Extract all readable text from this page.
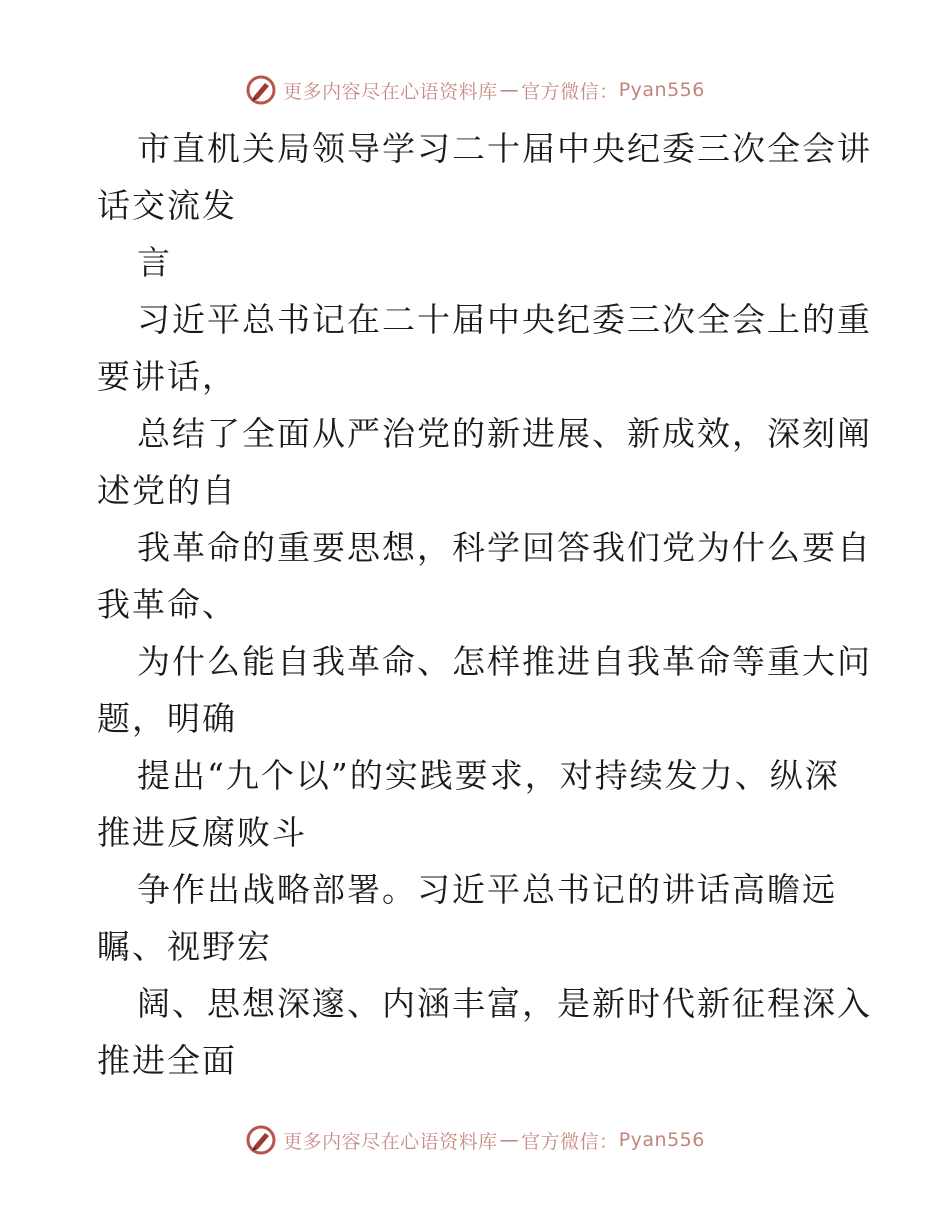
更多内容尽在心语资料库 — 官方微信： Pyan556

市直机关局领导学习二十届中央纪委三次全会讲
话交流发

言

习近平总书记在二十届中央纪委三次全会上的重
要讲话，

总结了全面从严治党的新进展、新成效，深刻阐
述党的自

我革命的重要思想，科学回答我们党为什么要自
我革命、

为什么能自我革命、怎样推进自我革命等重大问
题，明确

提出“九个以”的实践要求，对持续发力、纵深
推进反腐败斗

争作出战略部署。习近平总书记的讲话高瞻远
瞩、视野宏

阔、思想深邃、内涵丰富，是新时代新征程深入
推进全面

更多内容尽在心语资料库 — 官方微信： Pyan556
